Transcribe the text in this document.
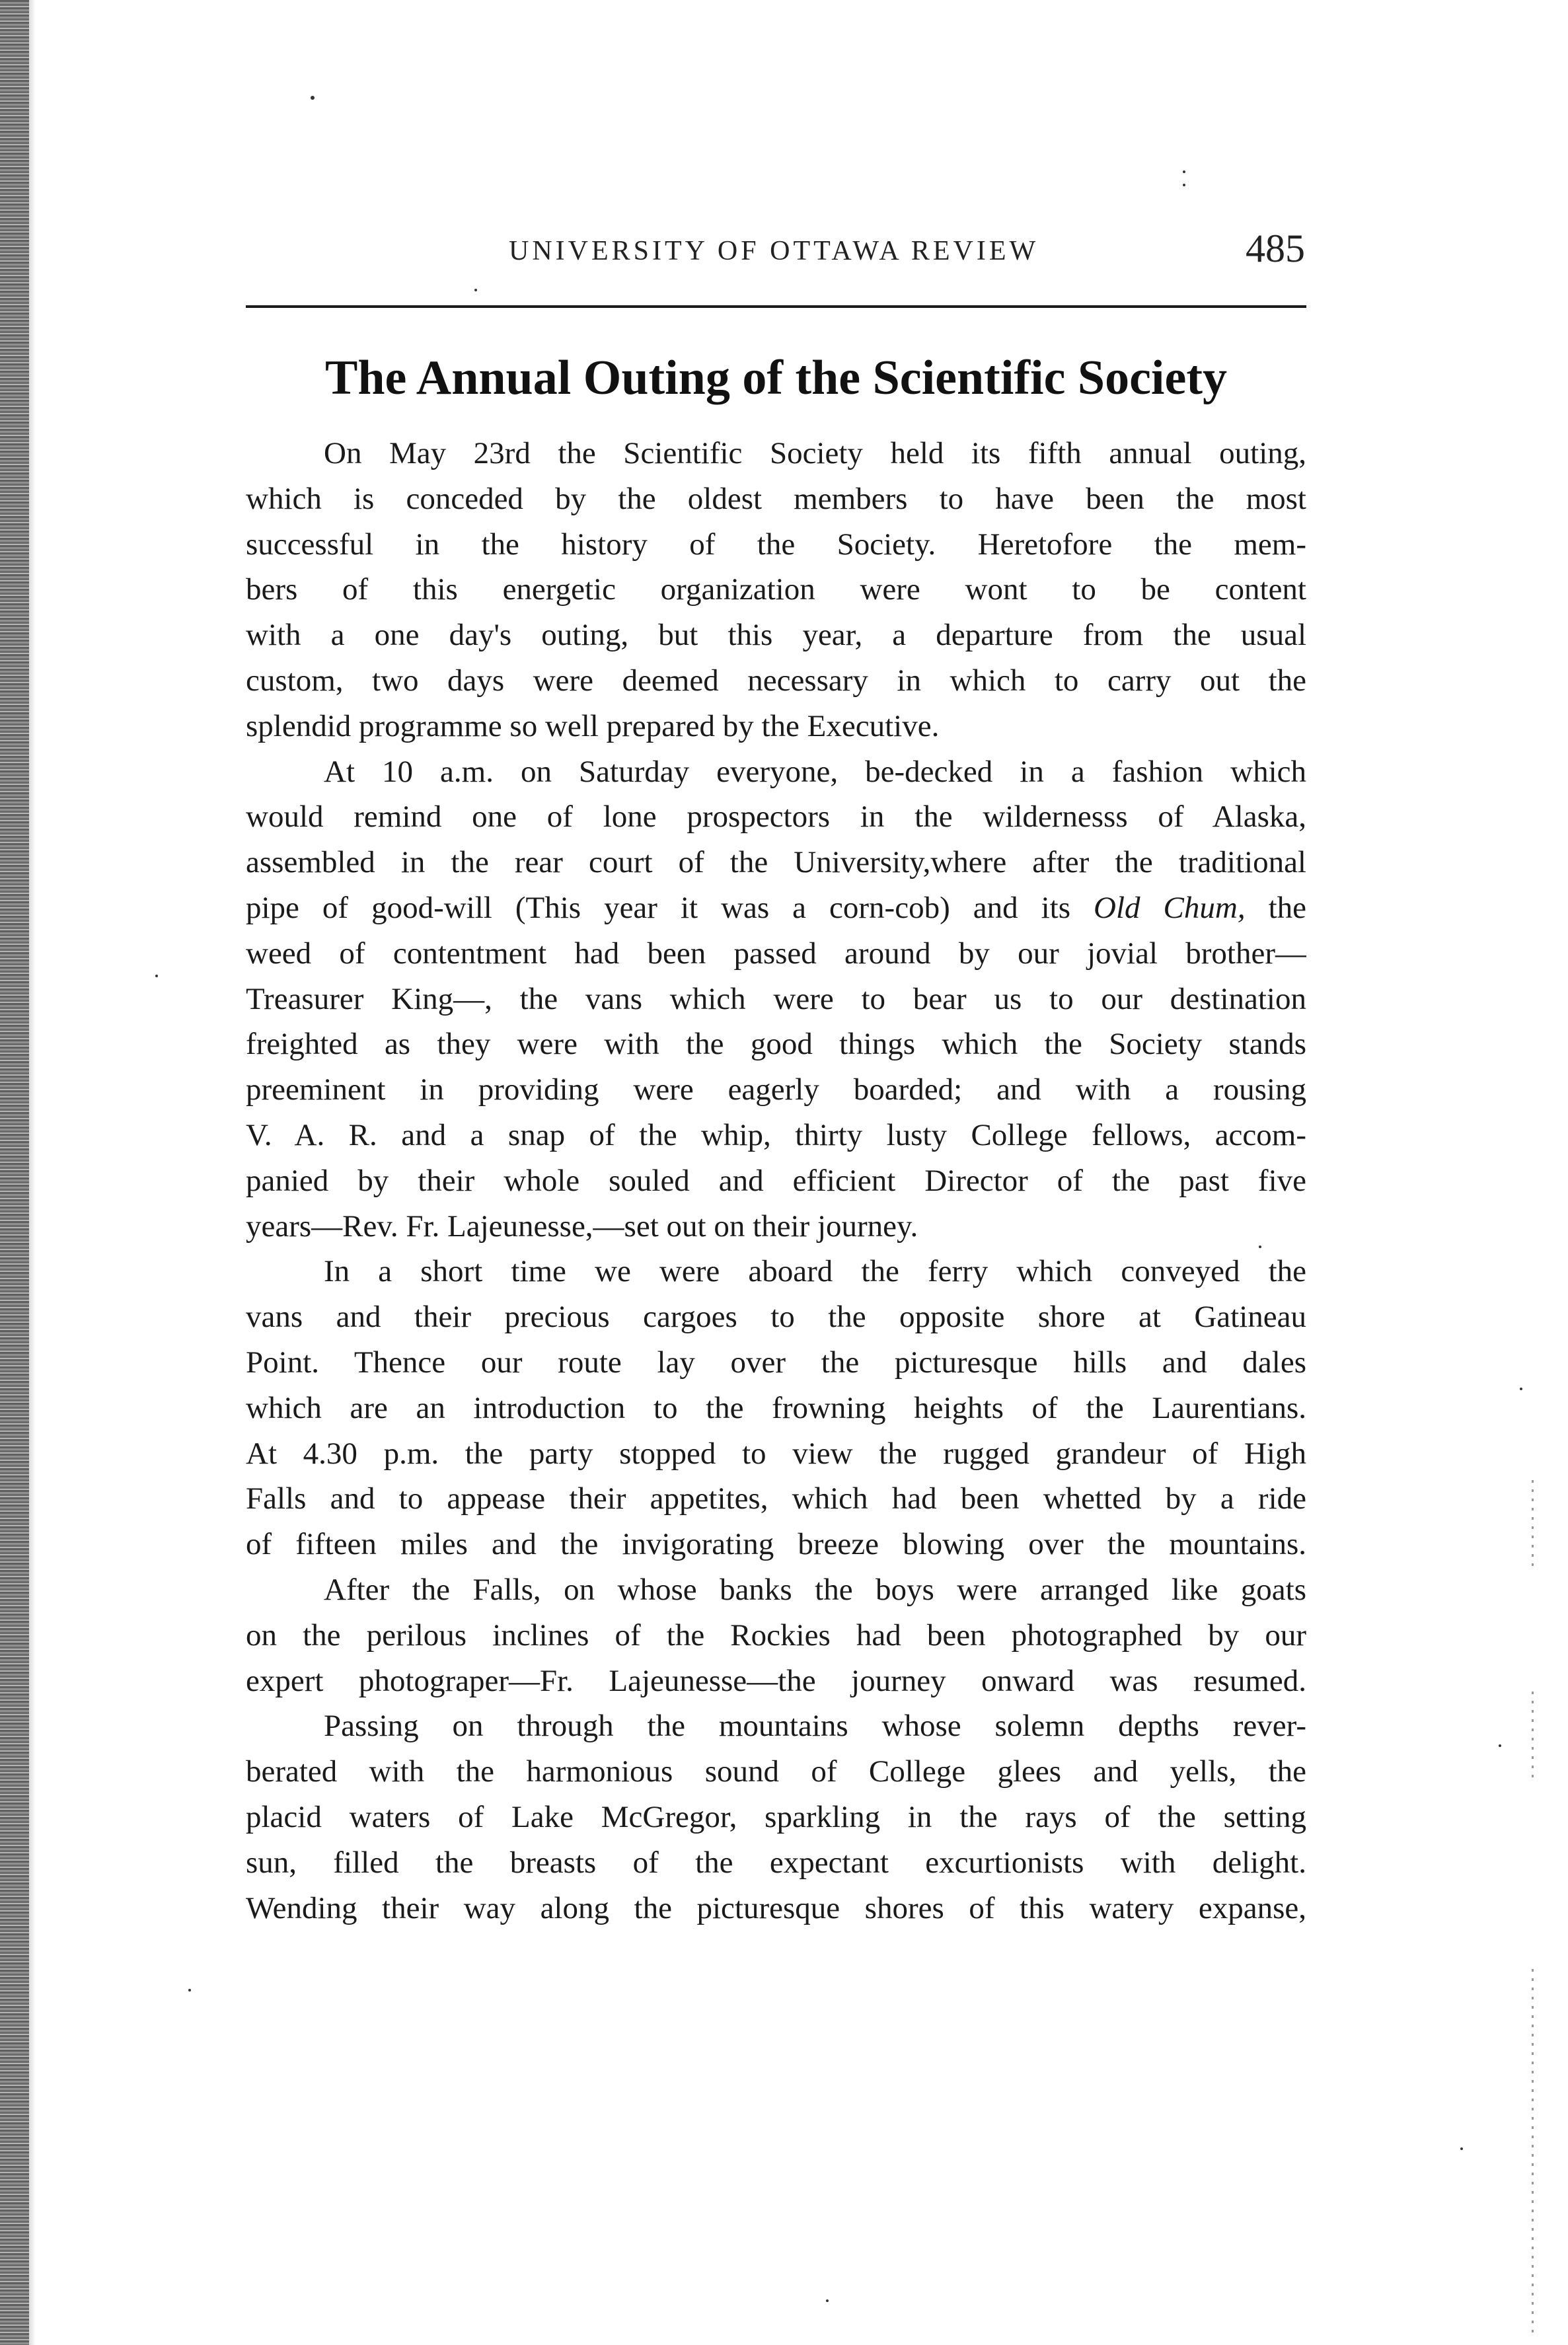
UNIVERSITY OF OTTAWA REVIEW	485
The Annual Outing of the Scientific Society
On May 23rd the Scientific Society held its fifth annual outing,
which is conceded by the oldest members to have been the most
successful in the history of the Society. Heretofore the mem-
bers of this energetic organization were wont to be content
with a one day's outing, but this year, a departure from the usual
custom, two days were deemed necessary in which to carry out the
splendid programme so well prepared by the Executive.
At 10 a.m. on Saturday everyone, be-decked in a fashion which
would remind one of lone prospectors in the wildernesss of Alaska,
assembled in the rear court of the University,where after the traditional
pipe of good-will (This year it was a corn-cob) and its Old Chum, the
weed of contentment had been passed around by our jovial brother—
Treasurer King—, the vans which were to bear us to our destination
freighted as they were with the good things which the Society stands
preeminent in providing were eagerly boarded; and with a rousing
V. A. R. and a snap of the whip, thirty lusty College fellows, accom-
panied by their whole souled and efficient Director of the past five
years—Rev. Fr. Lajeunesse,—set out on their journey.
In a short time we were aboard the ferry which conveyed the
vans and their precious cargoes to the opposite shore at Gatineau
Point. Thence our route lay over the picturesque hills and dales
which are an introduction to the frowning heights of the Laurentians.
At 4.30 p.m. the party stopped to view the rugged grandeur of High
Falls and to appease their appetites, which had been whetted by a ride
of fifteen miles and the invigorating breeze blowing over the mountains.
After the Falls, on whose banks the boys were arranged like goats
on the perilous inclines of the Rockies had been photographed by our
expert photograper—Fr. Lajeunesse—the journey onward was resumed.
Passing on through the mountains whose solemn depths rever-
berated with the harmonious sound of College glees and yells, the
placid waters of Lake McGregor, sparkling in the rays of the setting
sun, filled the breasts of the expectant excurtionists with delight.
Wending their way along the picturesque shores of this watery expanse,
